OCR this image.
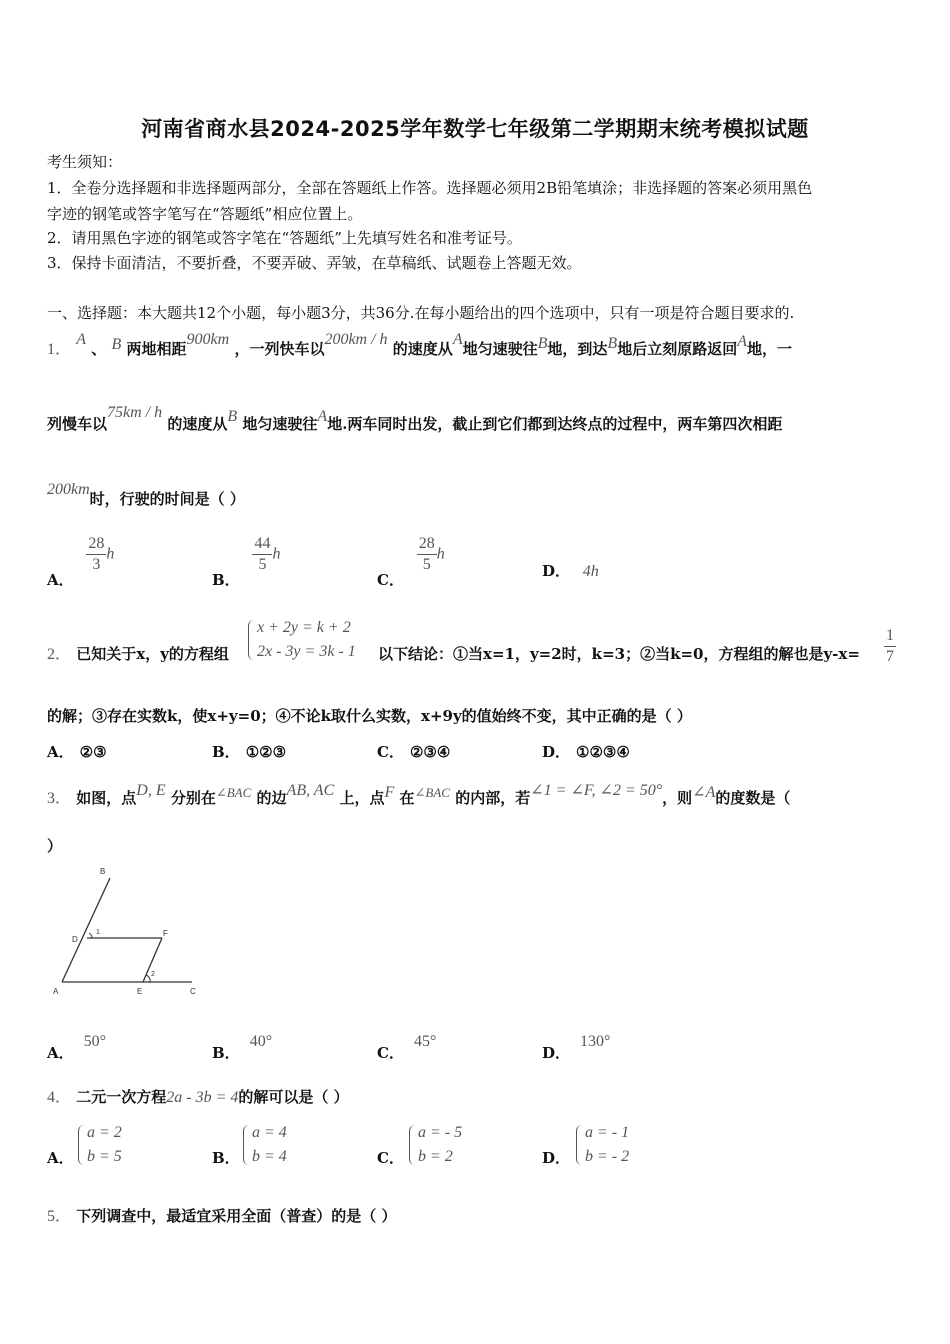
河南省商水县2024-2025学年数学七年级第二学期期末统考模拟试题
考生须知：
1．全卷分选择题和非选择题两部分，全部在答题纸上作答。选择题必须用2B铅笔填涂；非选择题的答案必须用黑色
字迹的钢笔或答字笔写在“答题纸”相应位置上。
2．请用黑色字迹的钢笔或答字笔在“答题纸”上先填写姓名和准考证号。
3．保持卡面清洁，不要折叠，不要弄破、弄皱，在草稿纸、试题卷上答题无效。
一、选择题：本大题共12个小题，每小题3分，共36分.在每小题给出的四个选项中，只有一项是符合题目要求的.
1． A 、 B 两地相距900km ，一列快车以200km / h 的速度从A地匀速驶往B地，到达B地后立刻原路返回A地，一
列慢车以75km / h 的速度从B 地匀速驶往A地.两车同时出发，截止到它们都到达终点的过程中，两车第四次相距
200km时，行驶的时间是（ ）
A．
$\frac{28}{3}$ h
B．
$\frac{44}{5}$ h
C．
$\frac{28}{5}$ h
D． 4h
2． 已知关于x，y的方程组
x + 2y = k + 2
2x - 3y = 3k - 1 以下结论：①当x=1，y=2时，k=3；②当k=0，方程组的解也是$y-x= \frac{1}{7}$
的解；③存在实数k，使x+y=0；④不论k取什么实数，x+9y的值始终不变，其中正确的是（ ）
A． ②③	B． ①②③	C． ②③④	D． ①②③④
3． 如图，点D, E 分别在∠BAC 的边AB, AC 上，点F 在∠BAC 的内部，若∠1 = ∠F, ∠2 = 50°，则∠A的度数是（
）
B
D
1	F
2
A	E	C
A．50°
B．40°
C．45°
D．130°
4． 二元一次方程2a - 3b = 4的解可以是（ ）
A．
a = 2
b = 5	B．
a = 4
b = 4	C．
a = - 5
b = 2	D．
a = - 1
b = - 2
5． 下列调查中，最适宜采用全面（普查）的是（ ）
